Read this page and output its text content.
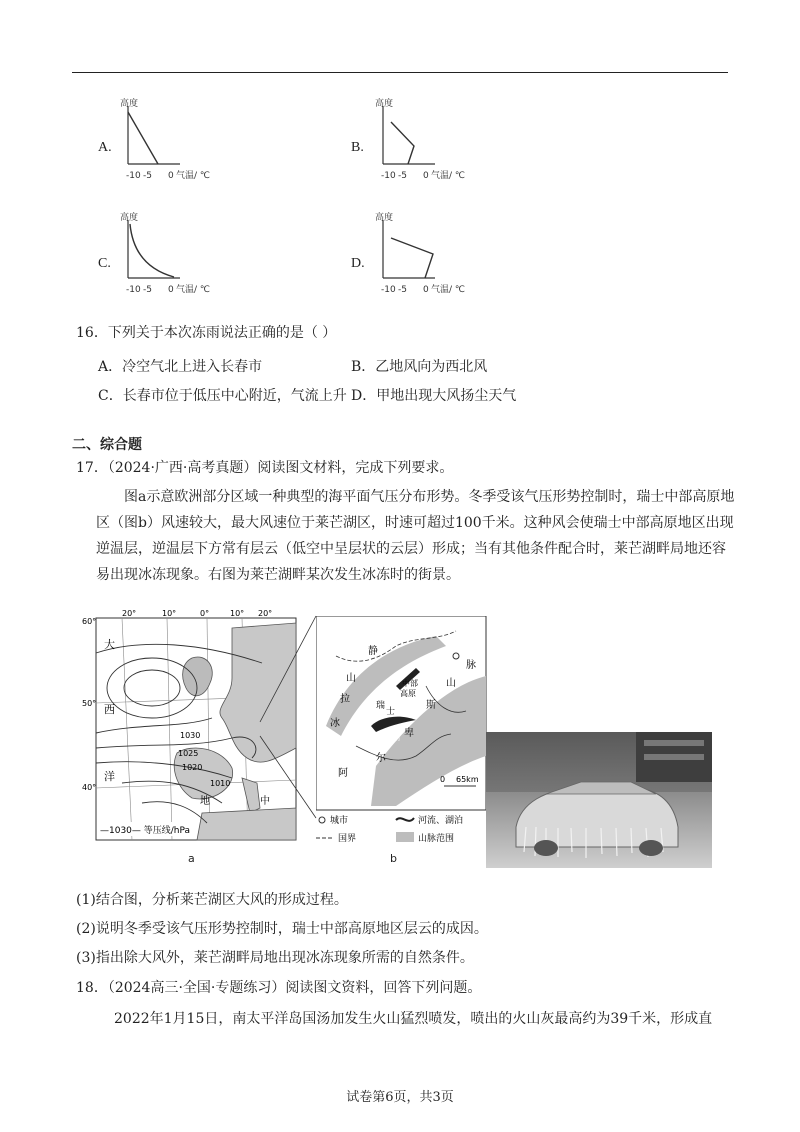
A.
高度
-10 -5 0 气温/ ℃
B.
高度
-10 -5 0 气温/ ℃
C.
高度
-10 -5 0 气温/ ℃
D.
高度
-10 -5 0 气温/ ℃
16．下列关于本次冻雨说法正确的是（ ）
A．冷空气北上进入长春市	B．乙地风向为西北风
C．长春市位于低压中心附近，气流上升 D．甲地出现大风扬尘天气
二、综合题
17．（2024·广西·高考真题）阅读图文材料，完成下列要求。
图a示意欧洲部分区域一种典型的海平面气压分布形势。冬季受该气压形势控制时，瑞士中部高原地区（图b）风速较大，最大风速位于莱芒湖区，时速可超过100千米。这种风会使瑞士中部高原地区出现逆温层，逆温层下方常有层云（低空中呈层状的云层）形成；当有其他条件配合时，莱芒湖畔局地还容易出现冰冻现象。右图为莱芒湖畔某次发生冰冻时的街景。
20°	10°	0°	10° 20°
60°
50°
40°
大
西
洋
地	中
1030
1025
1020
1010
—1030— 等压线/hPa
a
静
山
拉
冰
阿
尔
卑
斯
山
脉
瑞
士
中部
高原
莱芒湖
0 65km
城市	河流、湖泊
国界	山脉范围
b
(1)结合图，分析莱芒湖区大风的形成过程。
(2)说明冬季受该气压形势控制时，瑞士中部高原地区层云的成因。
(3)指出除大风外，莱芒湖畔局地出现冰冻现象所需的自然条件。
18．（2024高三·全国·专题练习）阅读图文资料，回答下列问题。
2022年1月15日，南太平洋岛国汤加发生火山猛烈喷发，喷出的火山灰最高约为39千米，形成直
试卷第6页，共3页
